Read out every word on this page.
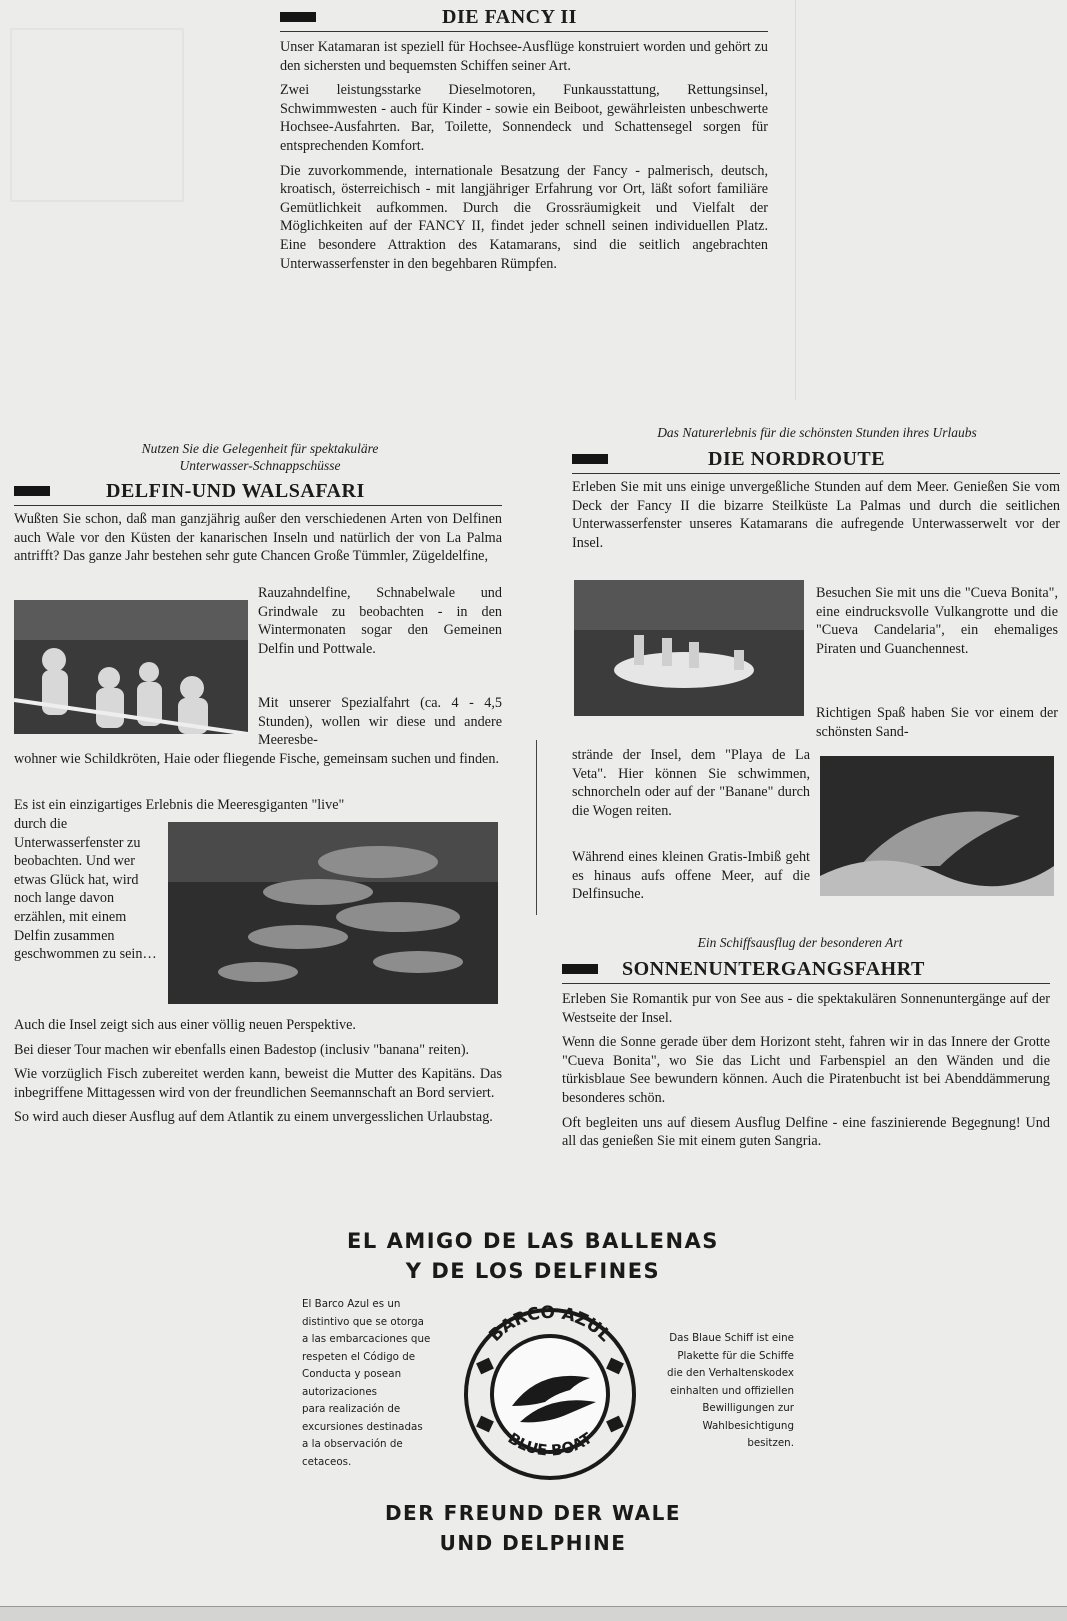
DIE FANCY II

Unser Katamaran ist speziell für Hochsee-Ausflüge konstruiert worden und gehört zu den sichersten und bequemsten Schiffen seiner Art.

Zwei leistungsstarke Dieselmotoren, Funkausstattung, Rettungsinsel, Schwimmwesten - auch für Kinder - sowie ein Beiboot, gewährleisten unbeschwerte Hochsee-Ausfahrten. Bar, Toilette, Sonnendeck und Schattensegel sorgen für entsprechenden Komfort.

Die zuvorkommende, internationale Besatzung der Fancy - palmerisch, deutsch, kroatisch, österreichisch - mit langjähriger Erfahrung vor Ort, läßt sofort familiäre Gemütlichkeit aufkommen. Durch die Grossräumigkeit und Vielfalt der Möglichkeiten auf der FANCY II, findet jeder schnell seinen individuellen Platz. Eine besondere Attraktion des Katamarans, sind die seitlich angebrachten Unterwasserfenster in den begehbaren Rümpfen.

Nutzen Sie die Gelegenheit für spektakuläre
Unterwasser-Schnappschüsse
DELFIN-UND WALSAFARI

Wußten Sie schon, daß man ganzjährig außer den verschiedenen Arten von Delfinen auch Wale vor den Küsten der kanarischen Inseln und natürlich der von La Palma antrifft? Das ganze Jahr bestehen sehr gute Chancen Große Tümmler, Zügeldelfine,

Rauzahndelfine, Schnabelwale und Grindwale zu beobachten - in den Wintermonaten sogar den Gemeinen Delfin und Pottwale.

Mit unserer Spezialfahrt (ca. 4 - 4,5 Stunden), wollen wir diese und andere Meeresbe-

wohner wie Schildkröten, Haie oder fliegende Fische, gemeinsam suchen und finden.

Es ist ein einzigartiges Erlebnis die Meeresgiganten "live"

durch die Unterwasserfenster zu beobachten. Und wer etwas Glück hat, wird noch lange davon erzählen, mit einem Delfin zusammen geschwommen zu sein…

Auch die Insel zeigt sich aus einer völlig neuen Perspektive.

Bei dieser Tour machen wir ebenfalls einen Badestop (inclusiv "banana" reiten).

Wie vorzüglich Fisch zubereitet werden kann, beweist die Mutter des Kapitäns. Das inbegriffene Mittagessen wird von der freundlichen Seemannschaft an Bord serviert.

So wird auch dieser Ausflug auf dem Atlantik zu einem unvergesslichen Urlaubstag.

Das Naturerlebnis für die schönsten Stunden ihres Urlaubs
DIE NORDROUTE

Erleben Sie mit uns einige unvergeßliche Stunden auf dem Meer. Genießen Sie vom Deck der Fancy II die bizarre Steilküste La Palmas und durch die seitlichen Unterwasserfenster unseres Katamarans die aufregende Unterwasserwelt vor der Insel.

Besuchen Sie mit uns die "Cueva Bonita", eine eindrucksvolle Vulkangrotte und die "Cueva Candelaria", ein ehemaliges Piraten und Guanchennest.

Richtigen Spaß haben Sie vor einem der schönsten Sand-

strände der Insel, dem "Playa de La Veta". Hier können Sie schwimmen, schnorcheln oder auf der "Banane" durch die Wogen reiten.

Während eines kleinen Gratis-Imbiß geht es hinaus aufs offene Meer, auf die Delfinsuche.

Ein Schiffsausflug der besonderen Art
SONNENUNTERGANGSFAHRT

Erleben Sie Romantik pur von See aus - die spektakulären Sonnenuntergänge auf der Westseite der Insel.

Wenn die Sonne gerade über dem Horizont steht, fahren wir in das Innere der Grotte "Cueva Bonita", wo Sie das Licht und Farbenspiel an den Wänden und die türkisblaue See bewundern können. Auch die Piratenbucht ist bei Abenddämmerung besonderes schön.

Oft begleiten uns auf diesem Ausflug Delfine - eine faszinierende Begegnung! Und all das genießen Sie mit einem guten Sangria.

EL AMIGO DE LAS BALLENAS
Y DE LOS DELFINES
El Barco Azul es un
distintivo que se otorga
a las embarcaciones que
respeten el Código de
Conducta y posean
autorizaciones
para realización de
excursiones destinadas
a la observación de
cetaceos.
BARCO AZUL
BLUE BOAT
Das Blaue Schiff ist eine
Plakette für die Schiffe
die den Verhaltenskodex
einhalten und offiziellen
Bewilligungen zur
Wahlbesichtigung
besitzen.
DER FREUND DER WALE
UND DELPHINE
